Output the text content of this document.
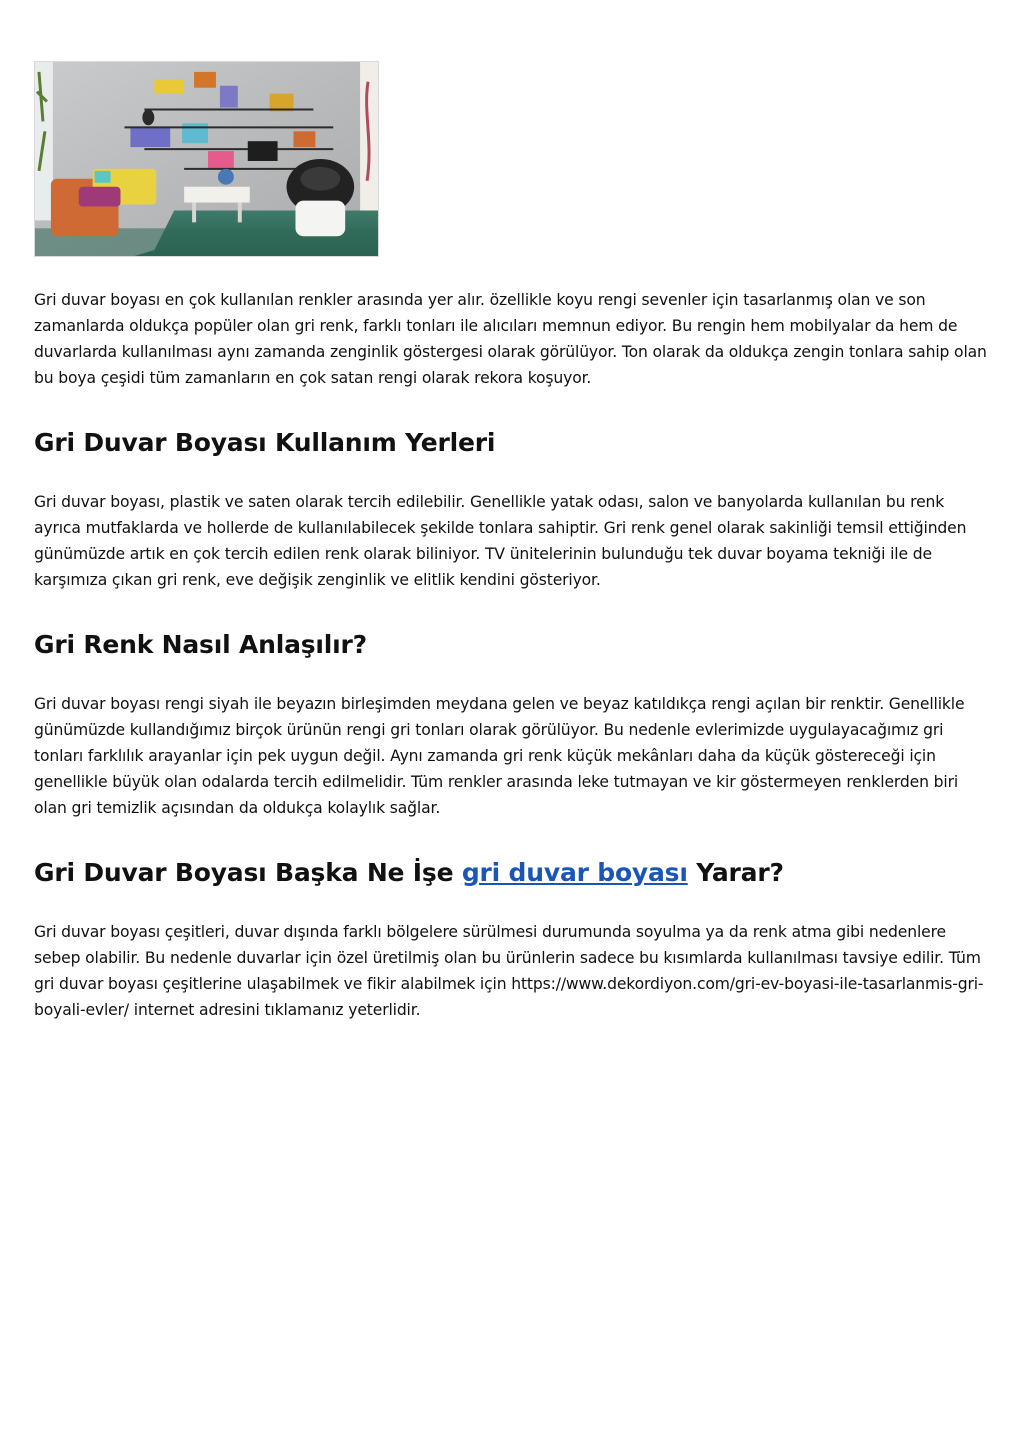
Gri duvar boyası en çok kullanılan renkler arasında yer alır. özellikle koyu rengi sevenler için tasarlanmış olan ve son zamanlarda oldukça popüler olan gri renk, farklı tonları ile alıcıları memnun ediyor. Bu rengin hem mobilyalar da hem de duvarlarda kullanılması aynı zamanda zenginlik göstergesi olarak görülüyor. Ton olarak da oldukça zengin tonlara sahip olan bu boya çeşidi tüm zamanların en çok satan rengi olarak rekora koşuyor.

Gri Duvar Boyası Kullanım Yerleri

Gri duvar boyası, plastik ve saten olarak tercih edilebilir. Genellikle yatak odası, salon ve banyolarda kullanılan bu renk ayrıca mutfaklarda ve hollerde de kullanılabilecek şekilde tonlara sahiptir. Gri renk genel olarak sakinliği temsil ettiğinden günümüzde artık en çok tercih edilen renk olarak biliniyor. TV ünitelerinin bulunduğu tek duvar boyama tekniği ile de karşımıza çıkan gri renk, eve değişik zenginlik ve elitlik kendini gösteriyor.

Gri Renk Nasıl Anlaşılır?

Gri duvar boyası rengi siyah ile beyazın birleşimden meydana gelen ve beyaz katıldıkça rengi açılan bir renktir. Genellikle günümüzde kullandığımız birçok ürünün rengi gri tonları olarak görülüyor. Bu nedenle evlerimizde uygulayacağımız gri tonları farklılık arayanlar için pek uygun değil. Aynı zamanda gri renk küçük mekânları daha da küçük göstereceği için genellikle büyük olan odalarda tercih edilmelidir. Tüm renkler arasında leke tutmayan ve kir göstermeyen renklerden biri olan gri temizlik açısından da oldukça kolaylık sağlar.

Gri Duvar Boyası Başka Ne İşe gri duvar boyası Yarar?

Gri duvar boyası çeşitleri, duvar dışında farklı bölgelere sürülmesi durumunda soyulma ya da renk atma gibi nedenlere sebep olabilir. Bu nedenle duvarlar için özel üretilmiş olan bu ürünlerin sadece bu kısımlarda kullanılması tavsiye edilir. Tüm gri duvar boyası çeşitlerine ulaşabilmek ve fikir alabilmek için https://www.dekordiyon.com/gri-ev-boyasi-ile-tasarlanmis-gri-boyali-evler/ internet adresini tıklamanız yeterlidir.
